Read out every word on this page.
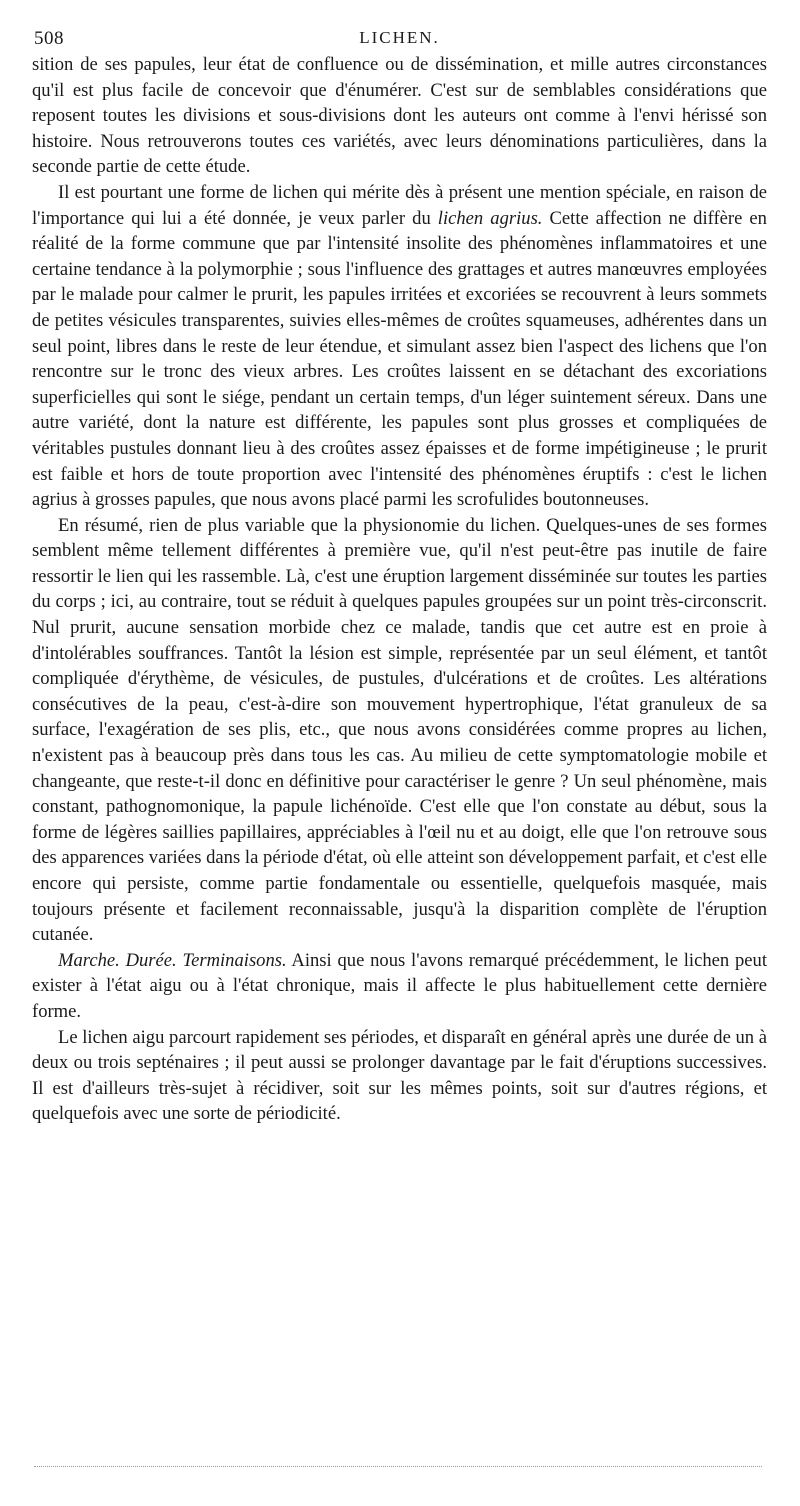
508	LICHEN.

sition de ses papules, leur état de confluence ou de dissémination, et mille autres circonstances qu'il est plus facile de concevoir que d'énumérer. C'est sur de semblables considérations que reposent toutes les divisions et sous-divisions dont les auteurs ont comme à l'envi hérissé son histoire. Nous retrouverons toutes ces variétés, avec leurs dénominations particulières, dans la seconde partie de cette étude.

Il est pourtant une forme de lichen qui mérite dès à présent une mention spéciale, en raison de l'importance qui lui a été donnée, je veux parler du lichen agrius. Cette affection ne diffère en réalité de la forme commune que par l'intensité insolite des phénomènes inflammatoires et une certaine tendance à la polymorphie ; sous l'influence des grattages et autres manœuvres employées par le malade pour calmer le prurit, les papules irritées et excoriées se recouvrent à leurs sommets de petites vésicules transparentes, suivies elles-mêmes de croûtes squameuses, adhérentes dans un seul point, libres dans le reste de leur étendue, et simulant assez bien l'aspect des lichens que l'on rencontre sur le tronc des vieux arbres. Les croûtes laissent en se détachant des excoriations superficielles qui sont le siége, pendant un certain temps, d'un léger suintement séreux. Dans une autre variété, dont la nature est différente, les papules sont plus grosses et compliquées de véritables pustules donnant lieu à des croûtes assez épaisses et de forme impétigineuse ; le prurit est faible et hors de toute proportion avec l'intensité des phénomènes éruptifs : c'est le lichen agrius à grosses papules, que nous avons placé parmi les scrofulides boutonneuses.

En résumé, rien de plus variable que la physionomie du lichen. Quelques-unes de ses formes semblent même tellement différentes à première vue, qu'il n'est peut-être pas inutile de faire ressortir le lien qui les rassemble. Là, c'est une éruption largement disséminée sur toutes les parties du corps ; ici, au contraire, tout se réduit à quelques papules groupées sur un point très-circonscrit. Nul prurit, aucune sensation morbide chez ce malade, tandis que cet autre est en proie à d'intolérables souffrances. Tantôt la lésion est simple, représentée par un seul élément, et tantôt compliquée d'érythème, de vésicules, de pustules, d'ulcérations et de croûtes. Les altérations consécutives de la peau, c'est-à-dire son mouvement hypertrophique, l'état granuleux de sa surface, l'exagération de ses plis, etc., que nous avons considérées comme propres au lichen, n'existent pas à beaucoup près dans tous les cas. Au milieu de cette symptomatologie mobile et changeante, que reste-t-il donc en définitive pour caractériser le genre ? Un seul phénomène, mais constant, pathognomonique, la papule lichénoïde. C'est elle que l'on constate au début, sous la forme de légères saillies papillaires, appréciables à l'œil nu et au doigt, elle que l'on retrouve sous des apparences variées dans la période d'état, où elle atteint son développement parfait, et c'est elle encore qui persiste, comme partie fondamentale ou essentielle, quelquefois masquée, mais toujours présente et facilement reconnaissable, jusqu'à la disparition complète de l'éruption cutanée.

Marche. Durée. Terminaisons. Ainsi que nous l'avons remarqué précédemment, le lichen peut exister à l'état aigu ou à l'état chronique, mais il affecte le plus habituellement cette dernière forme.

Le lichen aigu parcourt rapidement ses périodes, et disparaît en général après une durée de un à deux ou trois septénaires ; il peut aussi se prolonger davantage par le fait d'éruptions successives. Il est d'ailleurs très-sujet à récidiver, soit sur les mêmes points, soit sur d'autres régions, et quelquefois avec une sorte de périodicité.
